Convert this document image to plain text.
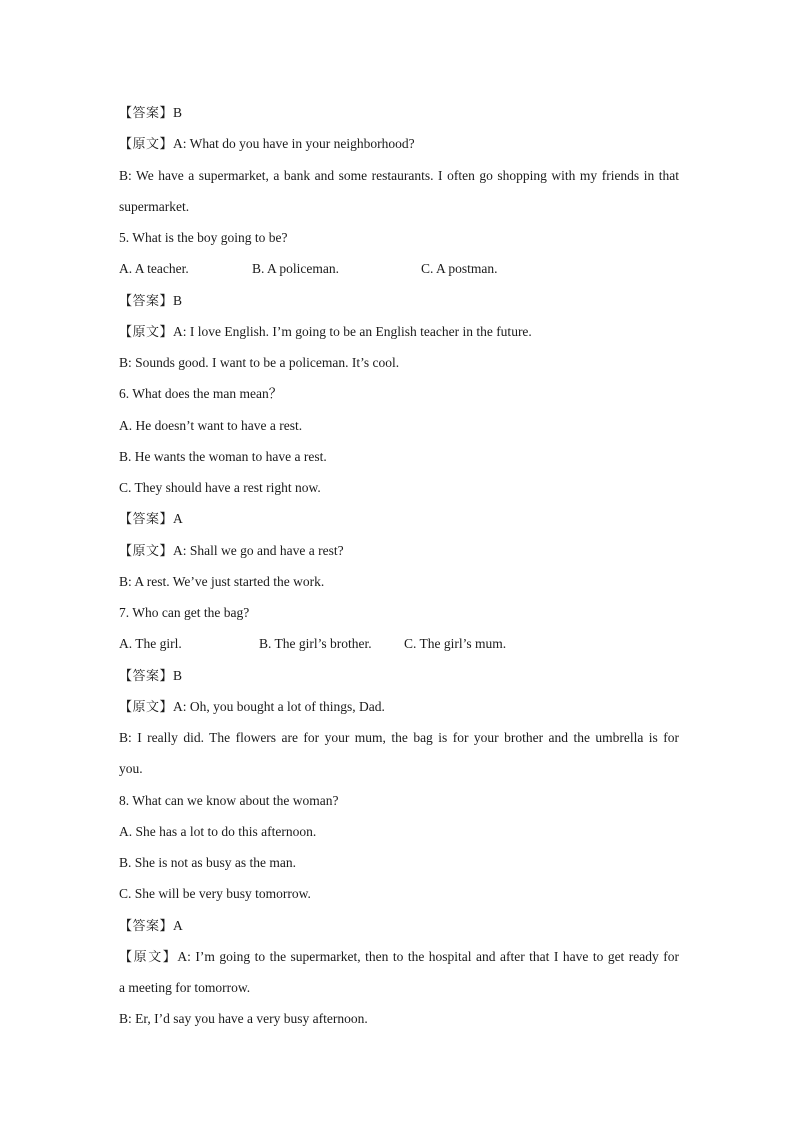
【答案】B
【原文】A: What do you have in your neighborhood?
B: We have a supermarket, a bank and some restaurants. I often go shopping with my friends in that
supermarket.
5. What is the boy going to be?
A. A teacher.	B. A policeman.	C. A postman.
【答案】B
【原文】A: I love English. I’m going to be an English teacher in the future.
B: Sounds good. I want to be a policeman. It’s cool.
6. What does the man mean？
A. He doesn’t want to have a rest.
B. He wants the woman to have a rest.
C. They should have a rest right now.
【答案】A
【原文】A: Shall we go and have a rest?
B: A rest. We’ve just started the work.
7. Who can get the bag?
A. The girl.	B. The girl’s brother.	C. The girl’s mum.
【答案】B
【原文】A: Oh, you bought a lot of things, Dad.
B: I really did. The flowers are for your mum, the bag is for your brother and the umbrella is for
you.
8. What can we know about the woman?
A. She has a lot to do this afternoon.
B. She is not as busy as the man.
C. She will be very busy tomorrow.
【答案】A
【原文】A: I’m going to the supermarket, then to the hospital and after that I have to get ready for
a meeting for tomorrow.
B: Er, I’d say you have a very busy afternoon.
